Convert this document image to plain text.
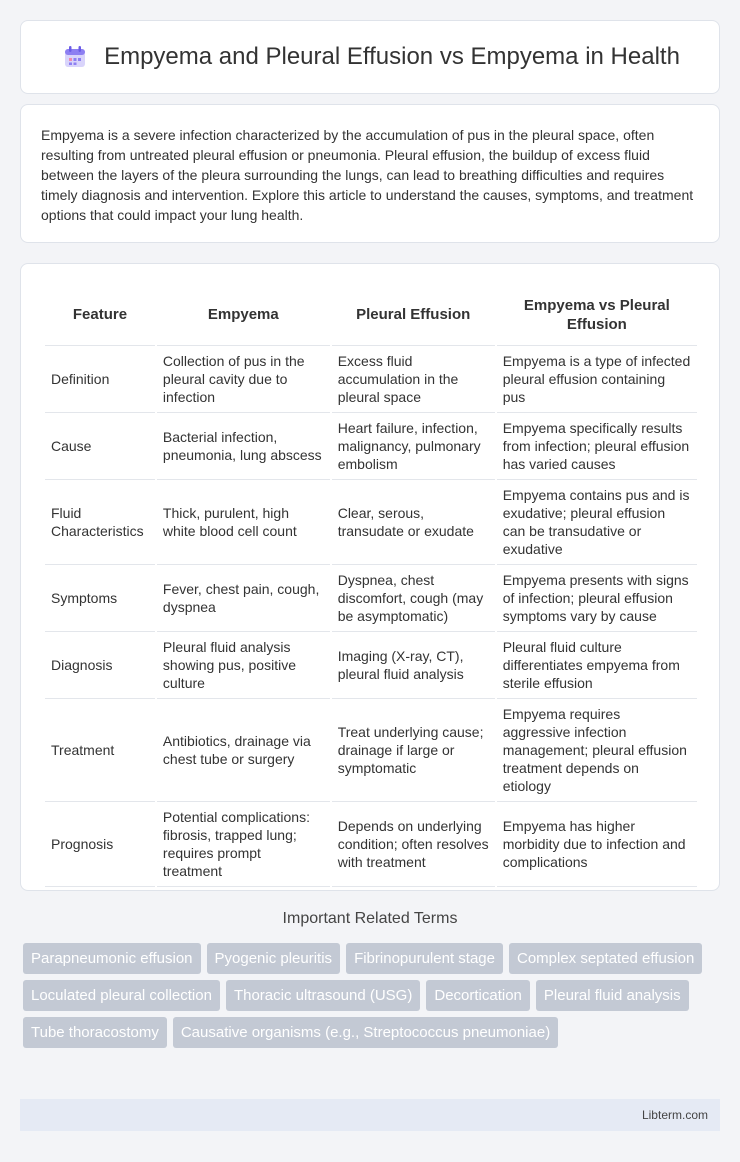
Empyema and Pleural Effusion vs Empyema in Health

Empyema is a severe infection characterized by the accumulation of pus in the pleural space, often resulting from untreated pleural effusion or pneumonia. Pleural effusion, the buildup of excess fluid between the layers of the pleura surrounding the lungs, can lead to breathing difficulties and requires timely diagnosis and intervention. Explore this article to understand the causes, symptoms, and treatment options that could impact your lung health.

Feature	Empyema	Pleural Effusion	Empyema vs Pleural Effusion
Definition	Collection of pus in the pleural cavity due to infection	Excess fluid accumulation in the pleural space	Empyema is a type of infected pleural effusion containing pus
Cause	Bacterial infection, pneumonia, lung abscess	Heart failure, infection, malignancy, pulmonary embolism	Empyema specifically results from infection; pleural effusion has varied causes
Fluid Characteristics	Thick, purulent, high white blood cell count	Clear, serous, transudate or exudate	Empyema contains pus and is exudative; pleural effusion can be transudative or exudative
Symptoms	Fever, chest pain, cough, dyspnea	Dyspnea, chest discomfort, cough (may be asymptomatic)	Empyema presents with signs of infection; pleural effusion symptoms vary by cause
Diagnosis	Pleural fluid analysis showing pus, positive culture	Imaging (X-ray, CT), pleural fluid analysis	Pleural fluid culture differentiates empyema from sterile effusion
Treatment	Antibiotics, drainage via chest tube or surgery	Treat underlying cause; drainage if large or symptomatic	Empyema requires aggressive infection management; pleural effusion treatment depends on etiology
Prognosis	Potential complications: fibrosis, trapped lung; requires prompt treatment	Depends on underlying condition; often resolves with treatment	Empyema has higher morbidity due to infection and complications
Important Related Terms
Parapneumonic effusion	Pyogenic pleuritis	Fibrinopurulent stage	Complex septated effusion
Loculated pleural collection	Thoracic ultrasound (USG)	Decortication	Pleural fluid analysis
Tube thoracostomy	Causative organisms (e.g., Streptococcus pneumoniae)
Libterm.com
